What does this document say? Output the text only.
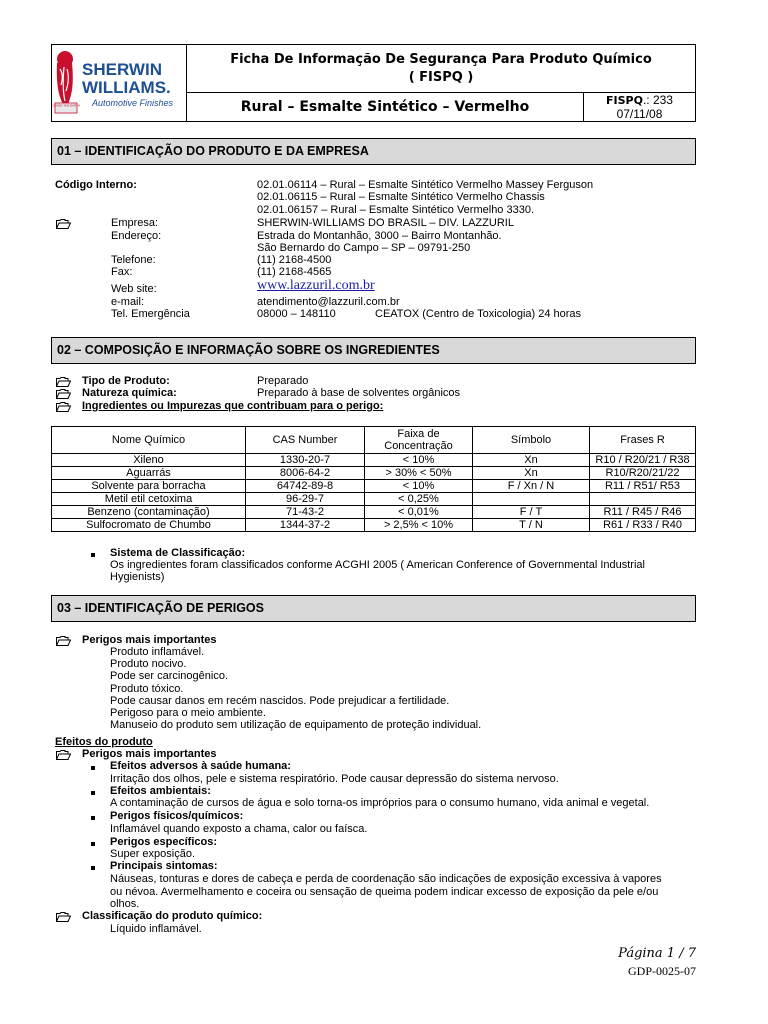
COVER THE EARTH
SHERWIN
WILLIAMS.
Automotive Finishes
Ficha De Informação De Segurança Para Produto Químico
( FISPQ )
Rural – Esmalte Sintético – Vermelho	FISPQ.: 233
07/11/08
01 – IDENTIFICAÇÃO DO PRODUTO E DA EMPRESA
Código Interno:	02.01.06114 – Rural – Esmalte Sintético Vermelho Massey Ferguson
02.01.06115 – Rural – Esmalte Sintético Vermelho Chassis
02.01.06157 – Rural – Esmalte Sintético Vermelho 3330.
Empresa:	SHERWIN-WILLIAMS DO BRASIL – DIV. LAZZURIL
Endereço:	Estrada do Montanhão, 3000 – Bairro Montanhão.
São Bernardo do Campo – SP – 09791-250
Telefone:	(11) 2168-4500
Fax:	(11) 2168-4565
Web site:	www.lazzuril.com.br
e-mail:	atendimento@lazzuril.com.br
Tel. Emergência	08000 – 148110	CEATOX (Centro de Toxicologia) 24 horas
02 – COMPOSIÇÃO E INFORMAÇÃO SOBRE OS INGREDIENTES
Tipo de Produto:	Preparado
Natureza química:	Preparado à base de solventes orgânicos
Ingredientes ou Impurezas que contribuam para o perigo:
Nome Químico	CAS Number	Faixa de Concentração	Símbolo	Frases R
Xileno	1330-20-7	< 10%	Xn	R10 / R20/21 / R38
Aguarrás	8006-64-2	> 30% < 50%	Xn	R10/R20/21/22
Solvente para borracha	64742-89-8	< 10%	F / Xn / N	R11 / R51/ R53
Metil etil cetoxima	96-29-7	< 0,25%		
Benzeno (contaminação)	71-43-2	< 0,01%	F / T	R11 / R45 / R46
Sulfocromato de Chumbo	1344-37-2	> 2,5% < 10%	T / N	R61 / R33 / R40
Sistema de Classificação:
Os ingredientes foram classificados conforme ACGHI 2005 ( American Conference of Governmental Industrial
Hygienists)
03 – IDENTIFICAÇÃO DE PERIGOS
Perigos mais importantes
Produto inflamável.
Produto nocivo.
Pode ser carcinogênico.
Produto tóxico.
Pode causar danos em recém nascidos. Pode prejudicar a fertilidade.
Perigoso para o meio ambiente.
Manuseio do produto sem utilização de equipamento de proteção individual.
Efeitos do produto
Perigos mais importantes
Efeitos adversos à saúde humana:
Irritação dos olhos, pele e sistema respiratório. Pode causar depressão do sistema nervoso.
Efeitos ambientais:
A contaminação de cursos de água e solo torna-os impróprios para o consumo humano, vida animal e vegetal.
Perigos físicos/químicos:
Inflamável quando exposto a chama, calor ou faísca.
Perigos específicos:
Super exposição.
Principais sintomas:
Náuseas, tonturas e dores de cabeça e perda de coordenação são indicações de exposição excessiva à vapores
ou névoa. Avermelhamento e coceira ou sensação de queima podem indicar excesso de exposição da pele e/ou
olhos.
Classificação do produto químico:
Líquido inflamável.
Página 1 / 7
GDP-0025-07
